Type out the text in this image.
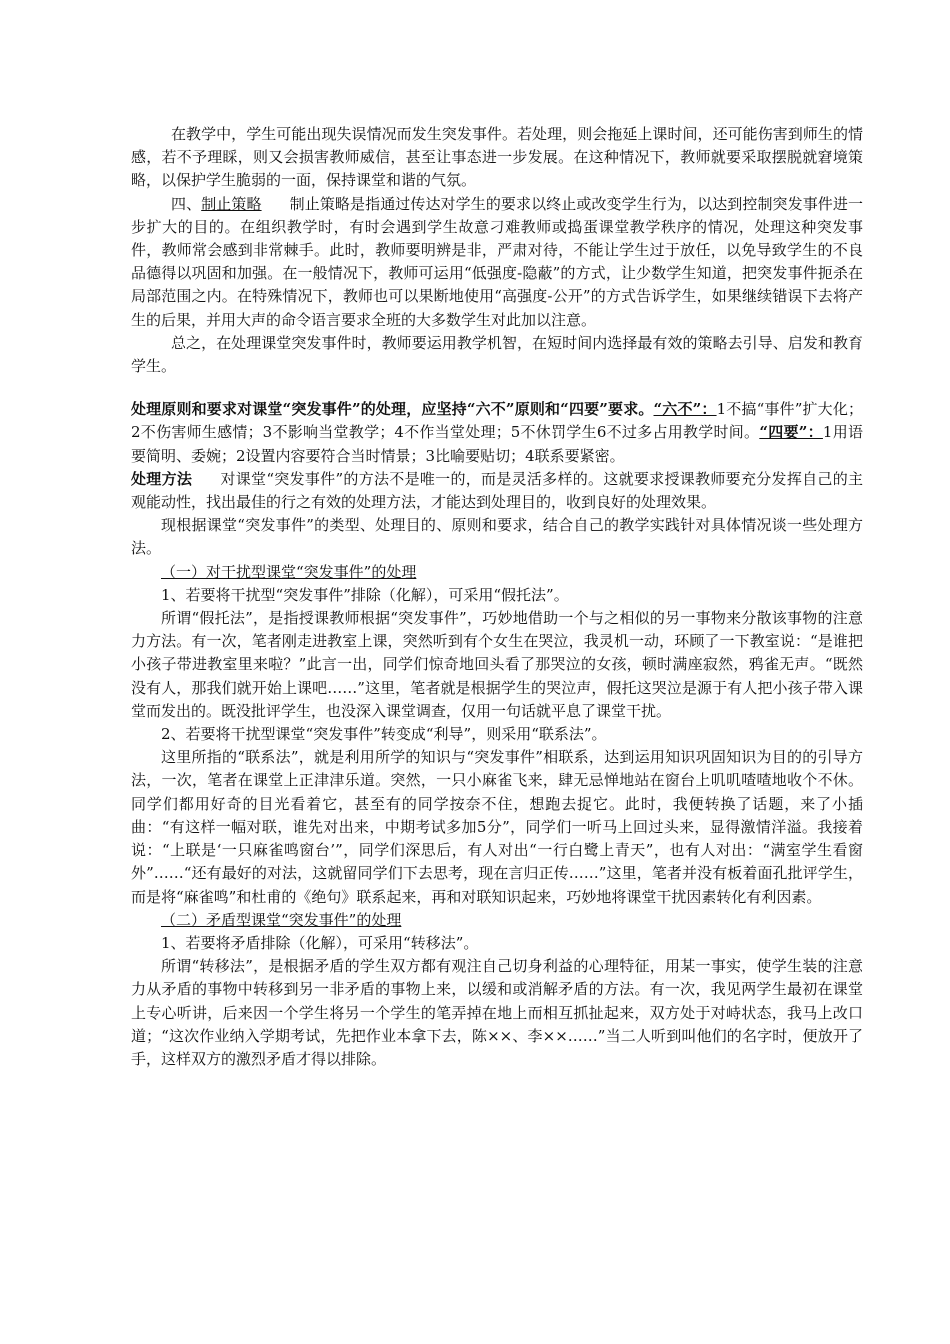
在教学中，学生可能出现失误情况而发生突发事件。若处理，则会拖延上课时间，还可能伤害到师生的情感，若不予理睬，则又会损害教师威信，甚至让事态进一步发展。在这种情况下，教师就要采取摆脱就窘境策略，以保护学生脆弱的一面，保持课堂和谐的气氛。

四、制止策略 制止策略是指通过传达对学生的要求以终止或改变学生行为，以达到控制突发事件进一步扩大的目的。在组织教学时，有时会遇到学生故意刁难教师或捣蛋课堂教学秩序的情况，处理这种突发事件，教师常会感到非常棘手。此时，教师要明辨是非，严肃对待，不能让学生过于放任，以免导致学生的不良品德得以巩固和加强。在一般情况下，教师可运用“低强度-隐蔽”的方式，让少数学生知道，把突发事件扼杀在局部范围之内。在特殊情况下，教师也可以果断地使用“高强度-公开”的方式告诉学生，如果继续错误下去将产生的后果，并用大声的命令语言要求全班的大多数学生对此加以注意。

总之，在处理课堂突发事件时，教师要运用教学机智，在短时间内选择最有效的策略去引导、启发和教育学生。

处理原则和要求对课堂“突发事件”的处理，应坚持“六不”原则和“四要”要求。“六不”：1不搞“事件”扩大化；2不伤害师生感情；3不影响当堂教学；4不作当堂处理；5不休罚学生6不过多占用教学时间。“四要”：1用语要简明、委婉；2设置内容要符合当时情景；3比喻要贴切；4联系要紧密。

处理方法 对课堂“突发事件”的方法不是唯一的，而是灵活多样的。这就要求授课教师要充分发挥自己的主观能动性，找出最佳的行之有效的处理方法，才能达到处理目的，收到良好的处理效果。

现根据课堂“突发事件”的类型、处理目的、原则和要求，结合自己的教学实践针对具体情况谈一些处理方法。

（一）对干扰型课堂“突发事件”的处理

1、若要将干扰型“突发事件”排除（化解），可采用“假托法”。

所谓“假托法”，是指授课教师根据“突发事件”，巧妙地借助一个与之相似的另一事物来分散该事物的注意力方法。有一次，笔者刚走进教室上课，突然听到有个女生在哭泣，我灵机一动，环顾了一下教室说：“是谁把小孩子带进教室里来啦？”此言一出，同学们惊奇地回头看了那哭泣的女孩，顿时满座寂然，鸦雀无声。“既然没有人，那我们就开始上课吧……”这里，笔者就是根据学生的哭泣声，假托这哭泣是源于有人把小孩子带入课堂而发出的。既没批评学生，也没深入课堂调查，仅用一句话就平息了课堂干扰。

2、若要将干扰型课堂“突发事件”转变成“利导”，则采用“联系法”。

这里所指的“联系法”，就是利用所学的知识与“突发事件”相联系，达到运用知识巩固知识为目的的引导方法，一次，笔者在课堂上正津津乐道。突然，一只小麻雀飞来，肆无忌惮地站在窗台上叽叽喳喳地收个不休。同学们都用好奇的目光看着它，甚至有的同学按奈不住，想跑去捉它。此时，我便转换了话题，来了小插曲：“有这样一幅对联，谁先对出来，中期考试多加5分”，同学们一听马上回过头来，显得激情洋溢。我接着说：“上联是‘一只麻雀鸣窗台’”，同学们深思后，有人对出“一行白鹭上青天”，也有人对出：“满室学生看窗外”……“还有最好的对法，这就留同学们下去思考，现在言归正传……”这里，笔者并没有板着面孔批评学生，而是将“麻雀鸣”和杜甫的《绝句》联系起来，再和对联知识起来，巧妙地将课堂干扰因素转化有利因素。

（二）矛盾型课堂“突发事件”的处理

1、若要将矛盾排除（化解），可采用“转移法”。

所谓“转移法”，是根据矛盾的学生双方都有观注自己切身利益的心理特征，用某一事实，使学生装的注意力从矛盾的事物中转移到另一非矛盾的事物上来，以缓和或消解矛盾的方法。有一次，我见两学生最初在课堂上专心听讲，后来因一个学生将另一个学生的笔弄掉在地上而相互抓扯起来，双方处于对峙状态，我马上改口道；“这次作业纳入学期考试，先把作业本拿下去，陈××、李××……”当二人听到叫他们的名字时，便放开了手，这样双方的激烈矛盾才得以排除。
